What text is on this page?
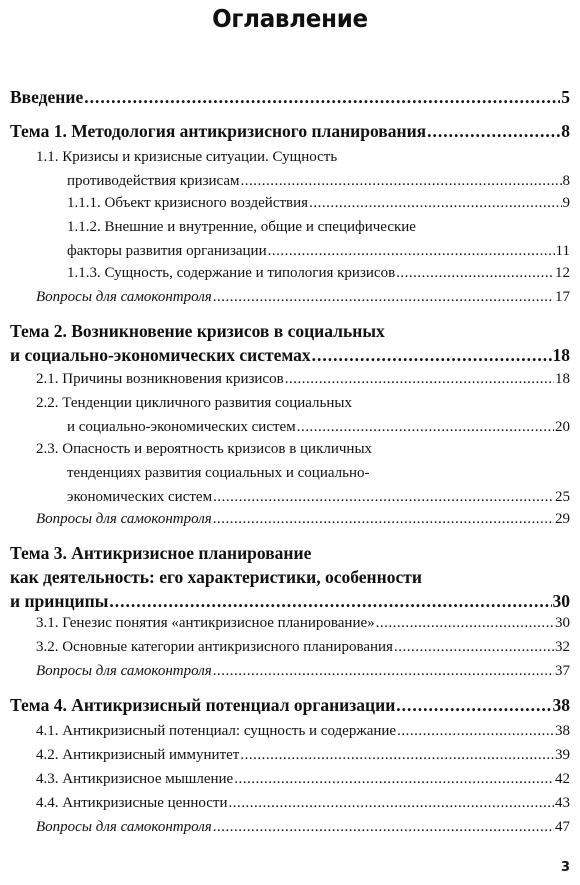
Оглавление
Введение .....	5
Тема 1. Методология антикризисного планирования .....	8
1.1. Кризисы и кризисные ситуации. Сущность
противодействия кризисам .....	8
1.1.1. Объект кризисного воздействия .....	9
1.1.2. Внешние и внутренние, общие и специфические
факторы развития организации .....	11
1.1.3. Сущность, содержание и типология кризисов .....	12
Вопросы для самоконтроля .....	17
Тема 2. Возникновение кризисов в социальных
и социально-экономических системах .....	18
2.1. Причины возникновения кризисов .....	18
2.2. Тенденции цикличного развития социальных
и социально-экономических систем .....	20
2.3. Опасность и вероятность кризисов в цикличных
тенденциях развития социальных и социально-
экономических систем .....	25
Вопросы для самоконтроля .....	29
Тема 3. Антикризисное планирование
как деятельность: его характеристики, особенности
и принципы .....	30
3.1. Генезис понятия «антикризисное планирование» .....	30
3.2. Основные категории антикризисного планирования .....	32
Вопросы для самоконтроля .....	37
Тема 4. Антикризисный потенциал организации .....	38
4.1. Антикризисный потенциал: сущность и содержание .....	38
4.2. Антикризисный иммунитет .....	39
4.3. Антикризисное мышление .....	42
4.4. Антикризисные ценности .....	43
Вопросы для самоконтроля .....	47
3
